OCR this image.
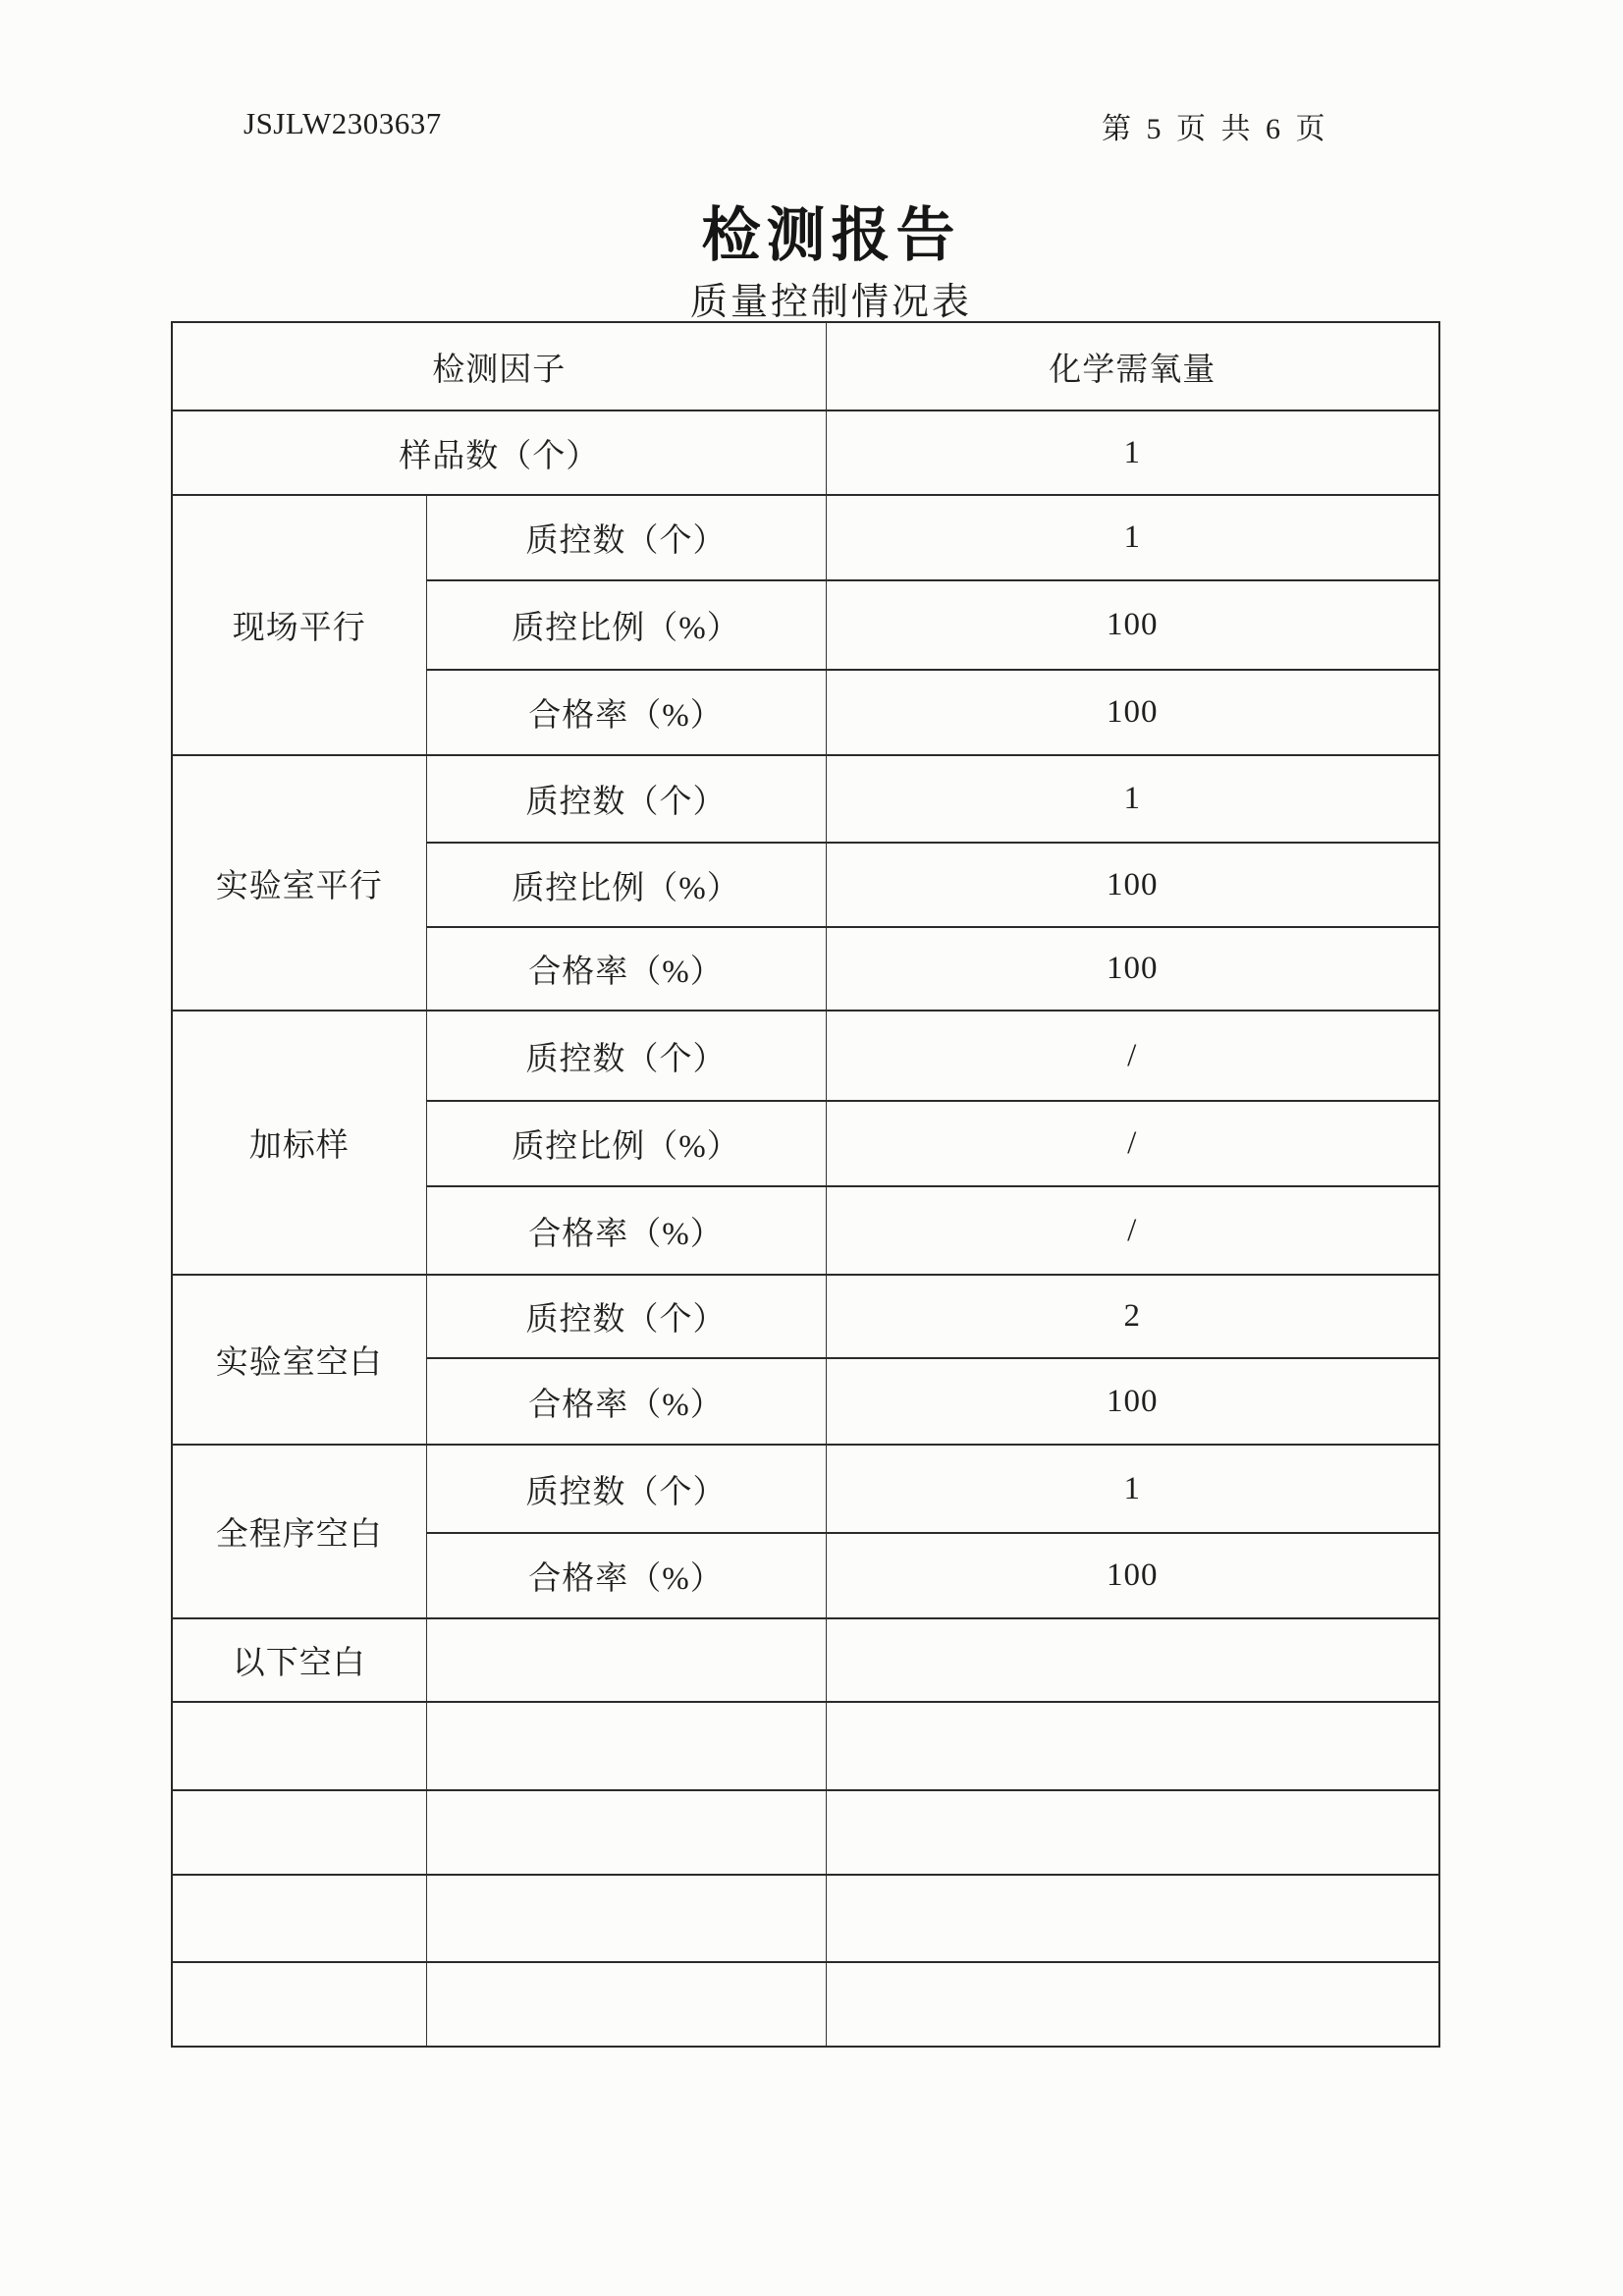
JSJLW2303637	第 5 页 共 6 页
检测报告
质量控制情况表
检测因子		化学需氧量
样品数（个）		1
现场平行	质控数（个）	1
	质控比例（%）	100
	合格率（%）	100
实验室平行	质控数（个）	1
	质控比例（%）	100
	合格率（%）	100
加标样	质控数（个）	/
	质控比例（%）	/
	合格率（%）	/
实验室空白	质控数（个）	2
	合格率（%）	100
全程序空白	质控数（个）	1
	合格率（%）	100
以下空白		
